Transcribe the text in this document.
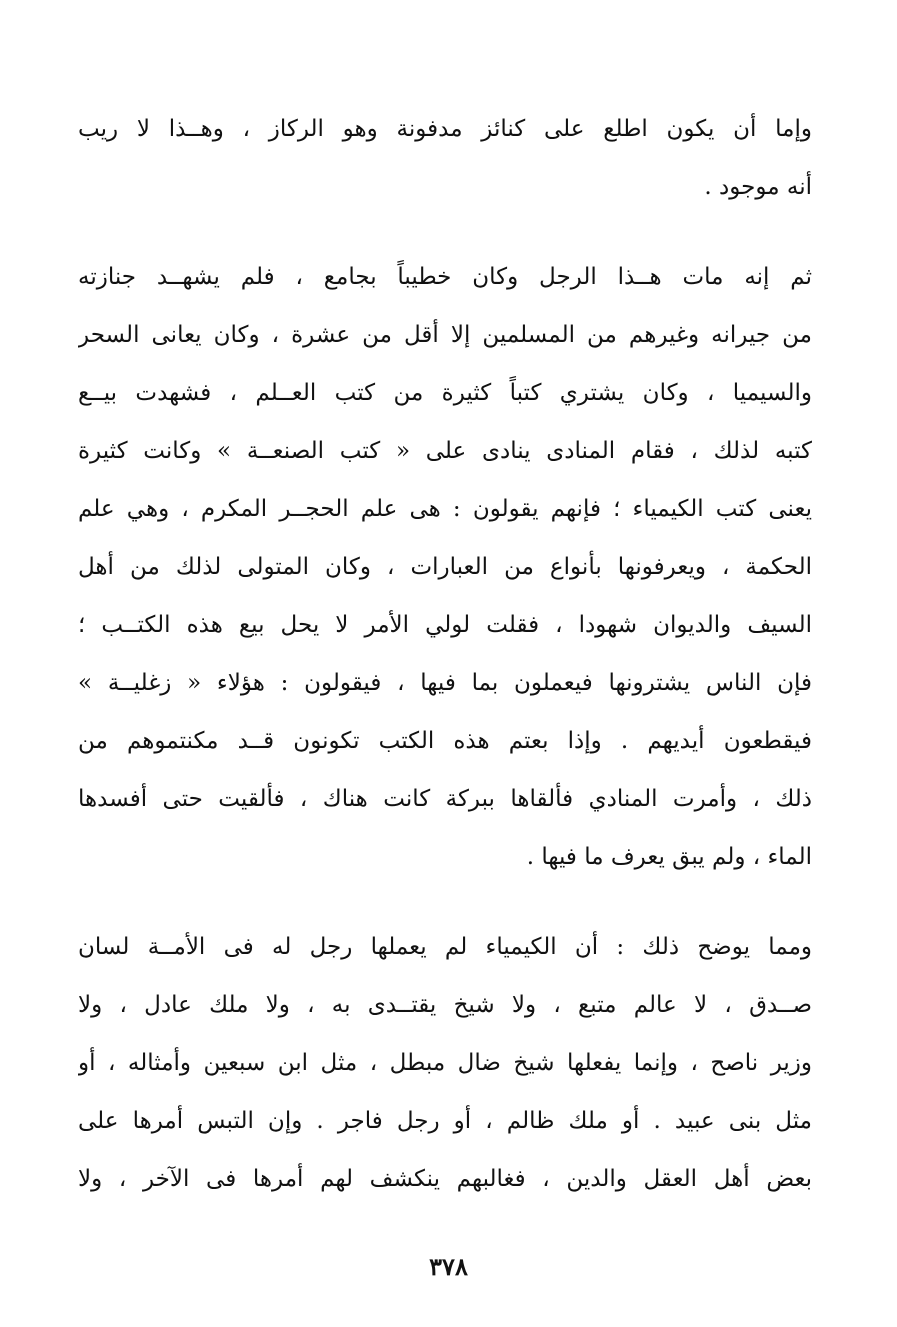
وإما أن يكون اطلع على كنائز مدفونة وهو الركاز ، وهــذا لا ريب
أنه موجود .
ثم إنه مات هــذا الرجل وكان خطيباً بجامع ، فلم يشهــد جنازته
من جيرانه وغيرهم من المسلمين إلا أقل من عشرة ، وكان يعانى السحر
والسيميا ، وكان يشتري كتباً كثيرة من كتب العــلم ، فشهدت بيــع
كتبه لذلك ، فقام المنادى ينادى على « كتب الصنعــة » وكانت كثيرة
يعنى كتب الكيمياء ؛ فإنهم يقولون : هى علم الحجــر المكرم ، وهي علم
الحكمة ، ويعرفونها بأنواع من العبارات ، وكان المتولى لذلك من أهل
السيف والديوان شهودا ، فقلت لولي الأمر لا يحل بيع هذه الكتــب ؛
فإن الناس يشترونها فيعملون بما فيها ، فيقولون : هؤلاء « زغليــة »
فيقطعون أيديهم . وإذا بعتم هذه الكتب تكونون قــد مكنتموهم من
ذلك ، وأمرت المنادي فألقاها ببركة كانت هناك ، فألقيت حتى أفسدها
الماء ، ولم يبق يعرف ما فيها .
ومما يوضح ذلك : أن الكيمياء لم يعملها رجل له فى الأمــة لسان
صــدق ، لا عالم متبع ، ولا شيخ يقتــدى به ، ولا ملك عادل ، ولا
وزير ناصح ، وإنما يفعلها شيخ ضال مبطل ، مثل ابن سبعين وأمثاله ، أو
مثل بنى عبيد . أو ملك ظالم ، أو رجل فاجر . وإن التبس أمرها على
بعض أهل العقل والدين ، فغالبهم ينكشف لهم أمرها فى الآخر ، ولا
٣٧٨
